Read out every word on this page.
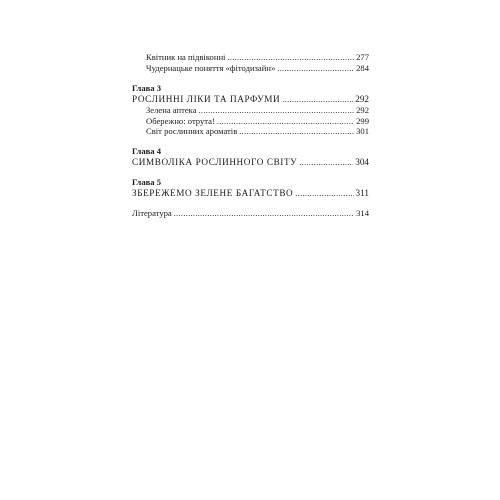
Квітник на підвіконні .....	277
Чудернацьке поняття «фітодизайн» .....	284
Глава 3
РОСЛИННІ ЛІКИ ТА ПАРФУМИ .....	292
Зелена аптека .....	292
Обережно: отрута! .....	299
Світ рослинних ароматів .....	301
Глава 4
СИМВОЛІКА РОСЛИННОГО СВІТУ .....	304
Глава 5
ЗБЕРЕЖЕМО ЗЕЛЕНЕ БАГАТСТВО .....	311
Література .....	314
